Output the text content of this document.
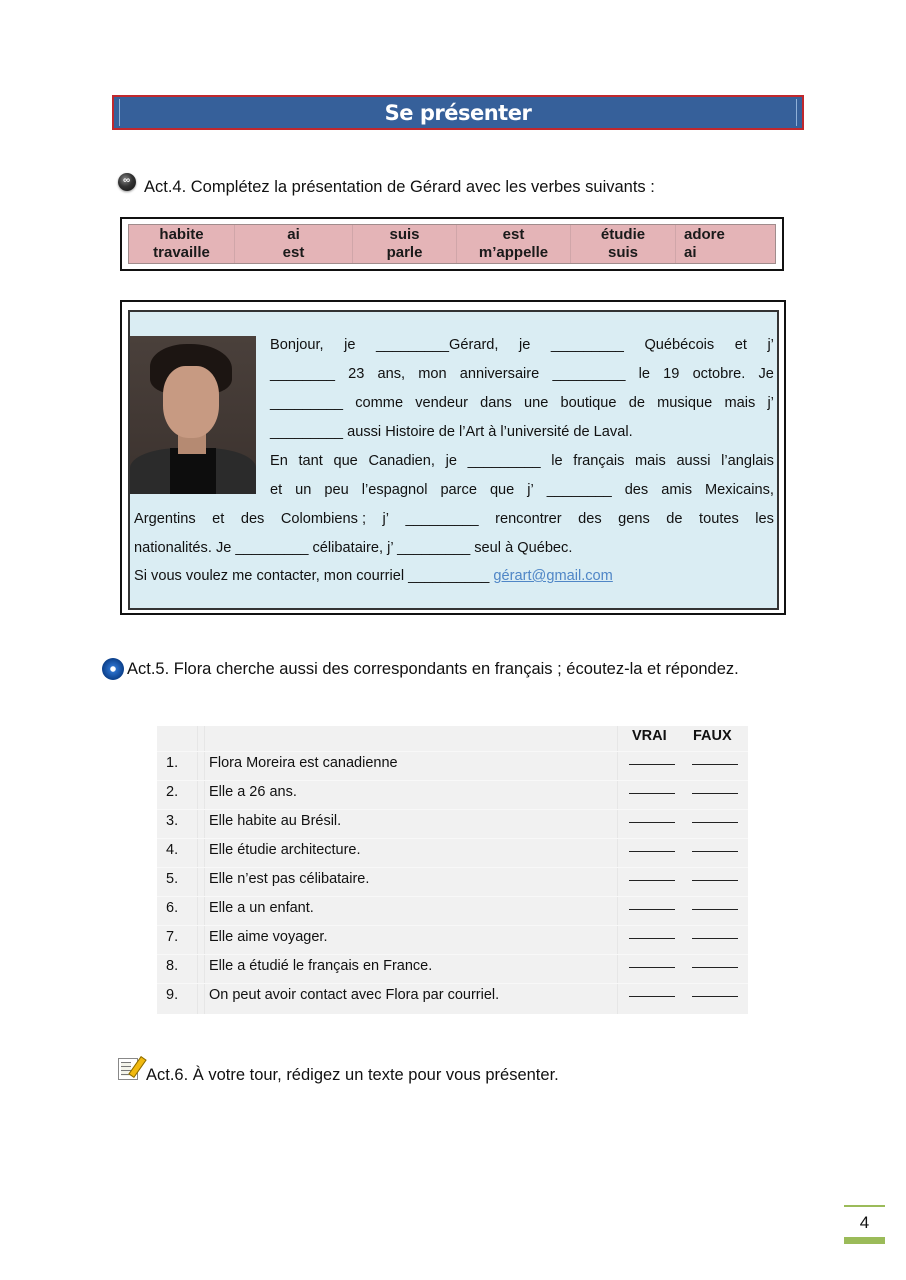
Se présenter
∞ Act.4. Complétez la présentation de Gérard avec les verbes suivants :
habite
travaille
ai
est
suis
parle
est
m’appelle
étudie
suis
adore
ai
Bonjour, je _________Gérard, je _________ Québécois et j’
________ 23 ans, mon anniversaire _________ le 19 octobre. Je
_________ comme vendeur dans une boutique de musique mais j’
_________ aussi Histoire de l’Art à l’université de Laval.
En tant que Canadien, je _________ le français mais aussi l’anglais
et un peu l’espagnol parce que j’ ________ des amis Mexicains,
Argentins et des Colombiens ; j’ _________ rencontrer des gens de toutes les
nationalités. Je _________ célibataire, j’ _________ seul à Québec.
Si vous voulez me contacter, mon courriel __________ gérart@gmail.com
Act.5. Flora cherche aussi des correspondants en français ; écoutez-la et répondez.
VRAI FAUX
1. Flora Moreira est canadienne
2. Elle a 26 ans.
3. Elle habite au Brésil.
4. Elle étudie architecture.
5. Elle n’est pas célibataire.
6. Elle a un enfant.
7. Elle aime voyager.
8. Elle a étudié le français en France.
9. On peut avoir contact avec Flora par courriel.
Act.6. À votre tour, rédigez un texte pour vous présenter.
4
